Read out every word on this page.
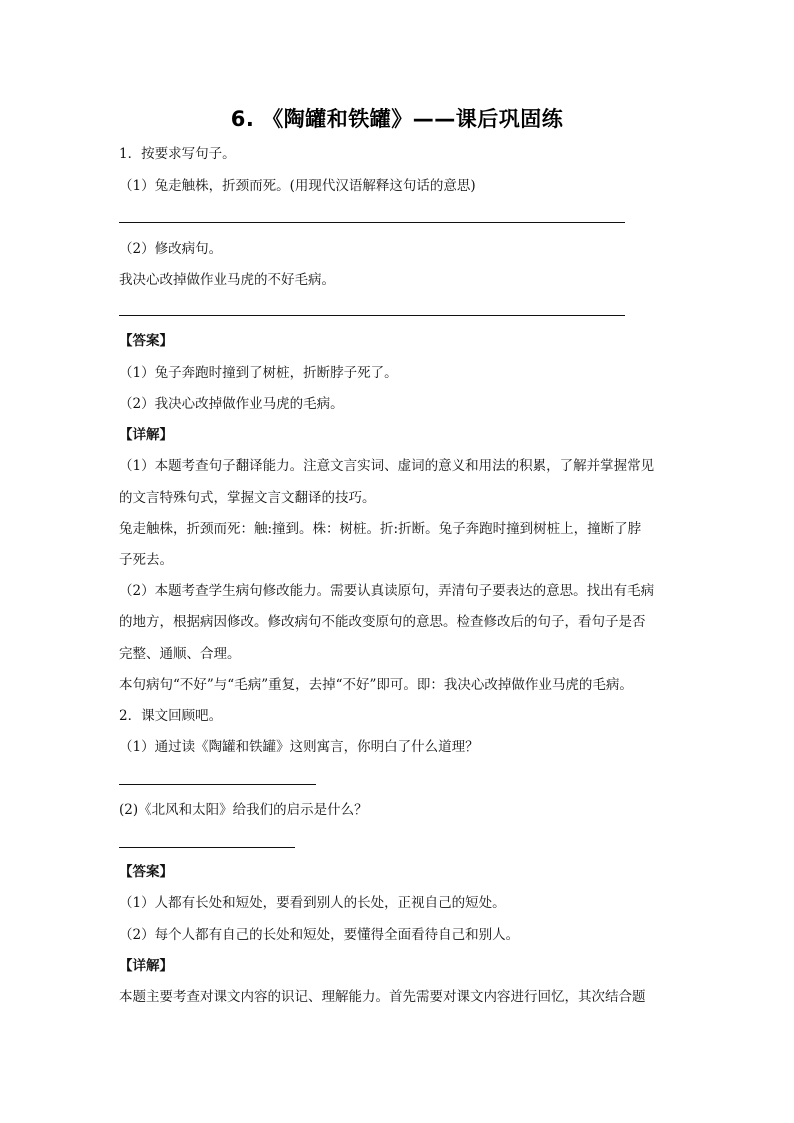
6. 《陶罐和铁罐》——课后巩固练
1．按要求写句子。
（1）兔走触株，折颈而死。(用现代汉语解释这句话的意思)
（2）修改病句。
我决心改掉做作业马虎的不好毛病。
【答案】
（1）兔子奔跑时撞到了树桩，折断脖子死了。
（2）我决心改掉做作业马虎的毛病。
【详解】
（1）本题考查句子翻译能力。注意文言实词、虚词的意义和用法的积累，了解并掌握常见
的文言特殊句式，掌握文言文翻译的技巧。
兔走触株，折颈而死：触:撞到。株：树桩。折:折断。兔子奔跑时撞到树桩上，撞断了脖
子死去。
（2）本题考查学生病句修改能力。需要认真读原句，弄清句子要表达的意思。找出有毛病
的地方，根据病因修改。修改病句不能改变原句的意思。检查修改后的句子，看句子是否
完整、通顺、合理。
本句病句“不好”与“毛病”重复，去掉“不好”即可。即：我决心改掉做作业马虎的毛病。
2．课文回顾吧。
（1）通过读《陶罐和铁罐》这则寓言，你明白了什么道理？
(2)《北风和太阳》给我们的启示是什么？
【答案】
（1）人都有长处和短处，要看到别人的长处，正视自己的短处。
（2）每个人都有自己的长处和短处，要懂得全面看待自己和别人。
【详解】
本题主要考查对课文内容的识记、理解能力。首先需要对课文内容进行回忆，其次结合题
